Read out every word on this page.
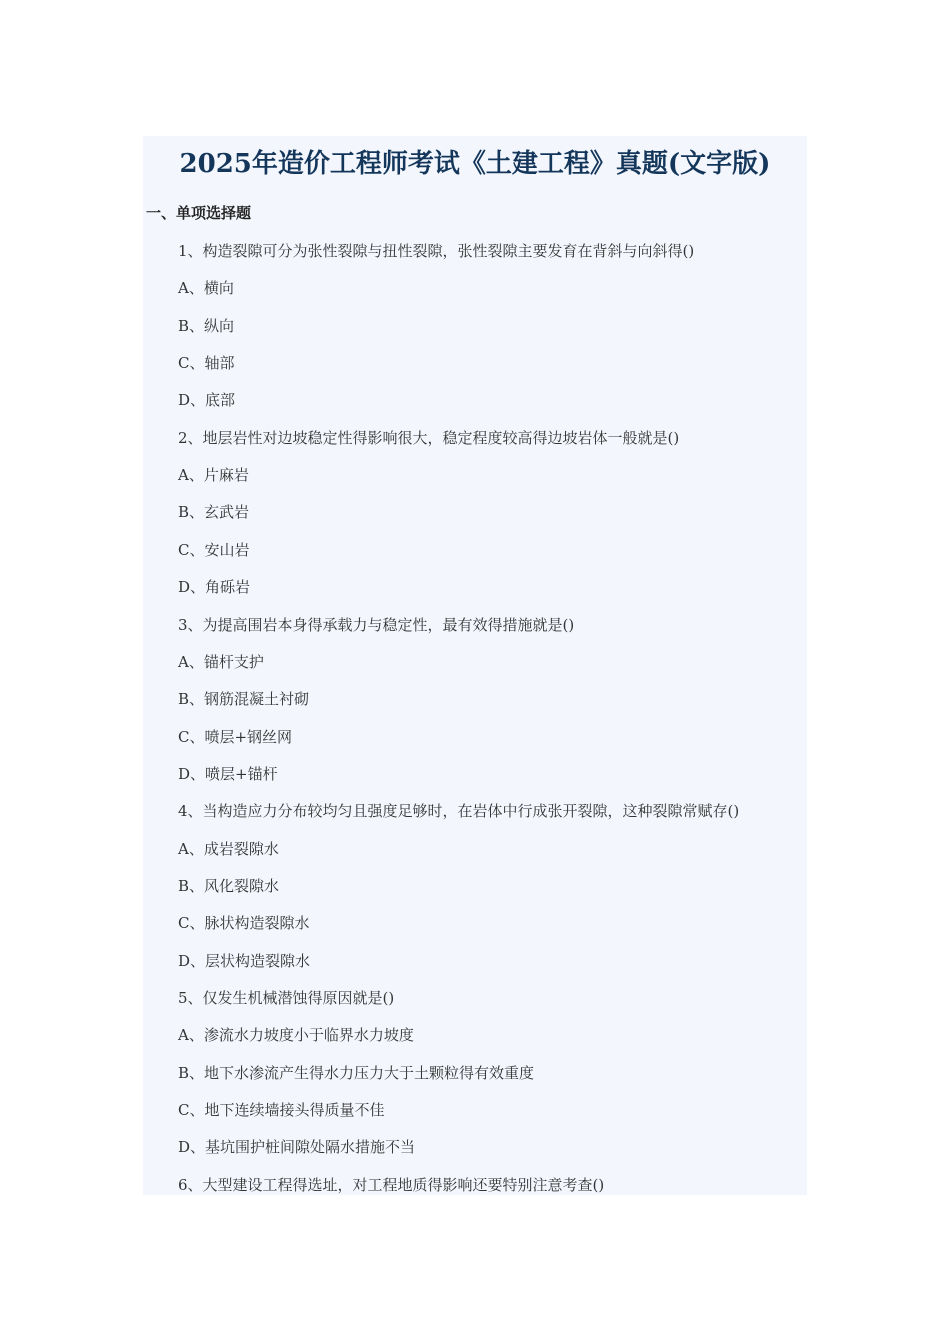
2025年造价工程师考试《土建工程》真题(文字版)
一、单项选择题
1、构造裂隙可分为张性裂隙与扭性裂隙，张性裂隙主要发育在背斜与向斜得()
A、横向
B、纵向
C、轴部
D、底部
2、地层岩性对边坡稳定性得影响很大，稳定程度较高得边坡岩体一般就是()
A、片麻岩
B、玄武岩
C、安山岩
D、角砾岩
3、为提高围岩本身得承载力与稳定性，最有效得措施就是()
A、锚杆支护
B、钢筋混凝土衬砌
C、喷层+钢丝网
D、喷层+锚杆
4、当构造应力分布较均匀且强度足够时，在岩体中行成张开裂隙，这种裂隙常赋存()
A、成岩裂隙水
B、风化裂隙水
C、脉状构造裂隙水
D、层状构造裂隙水
5、仅发生机械潜蚀得原因就是()
A、渗流水力坡度小于临界水力坡度
B、地下水渗流产生得水力压力大于土颗粒得有效重度
C、地下连续墙接头得质量不佳
D、基坑围护桩间隙处隔水措施不当
6、大型建设工程得选址，对工程地质得影响还要特别注意考查()
